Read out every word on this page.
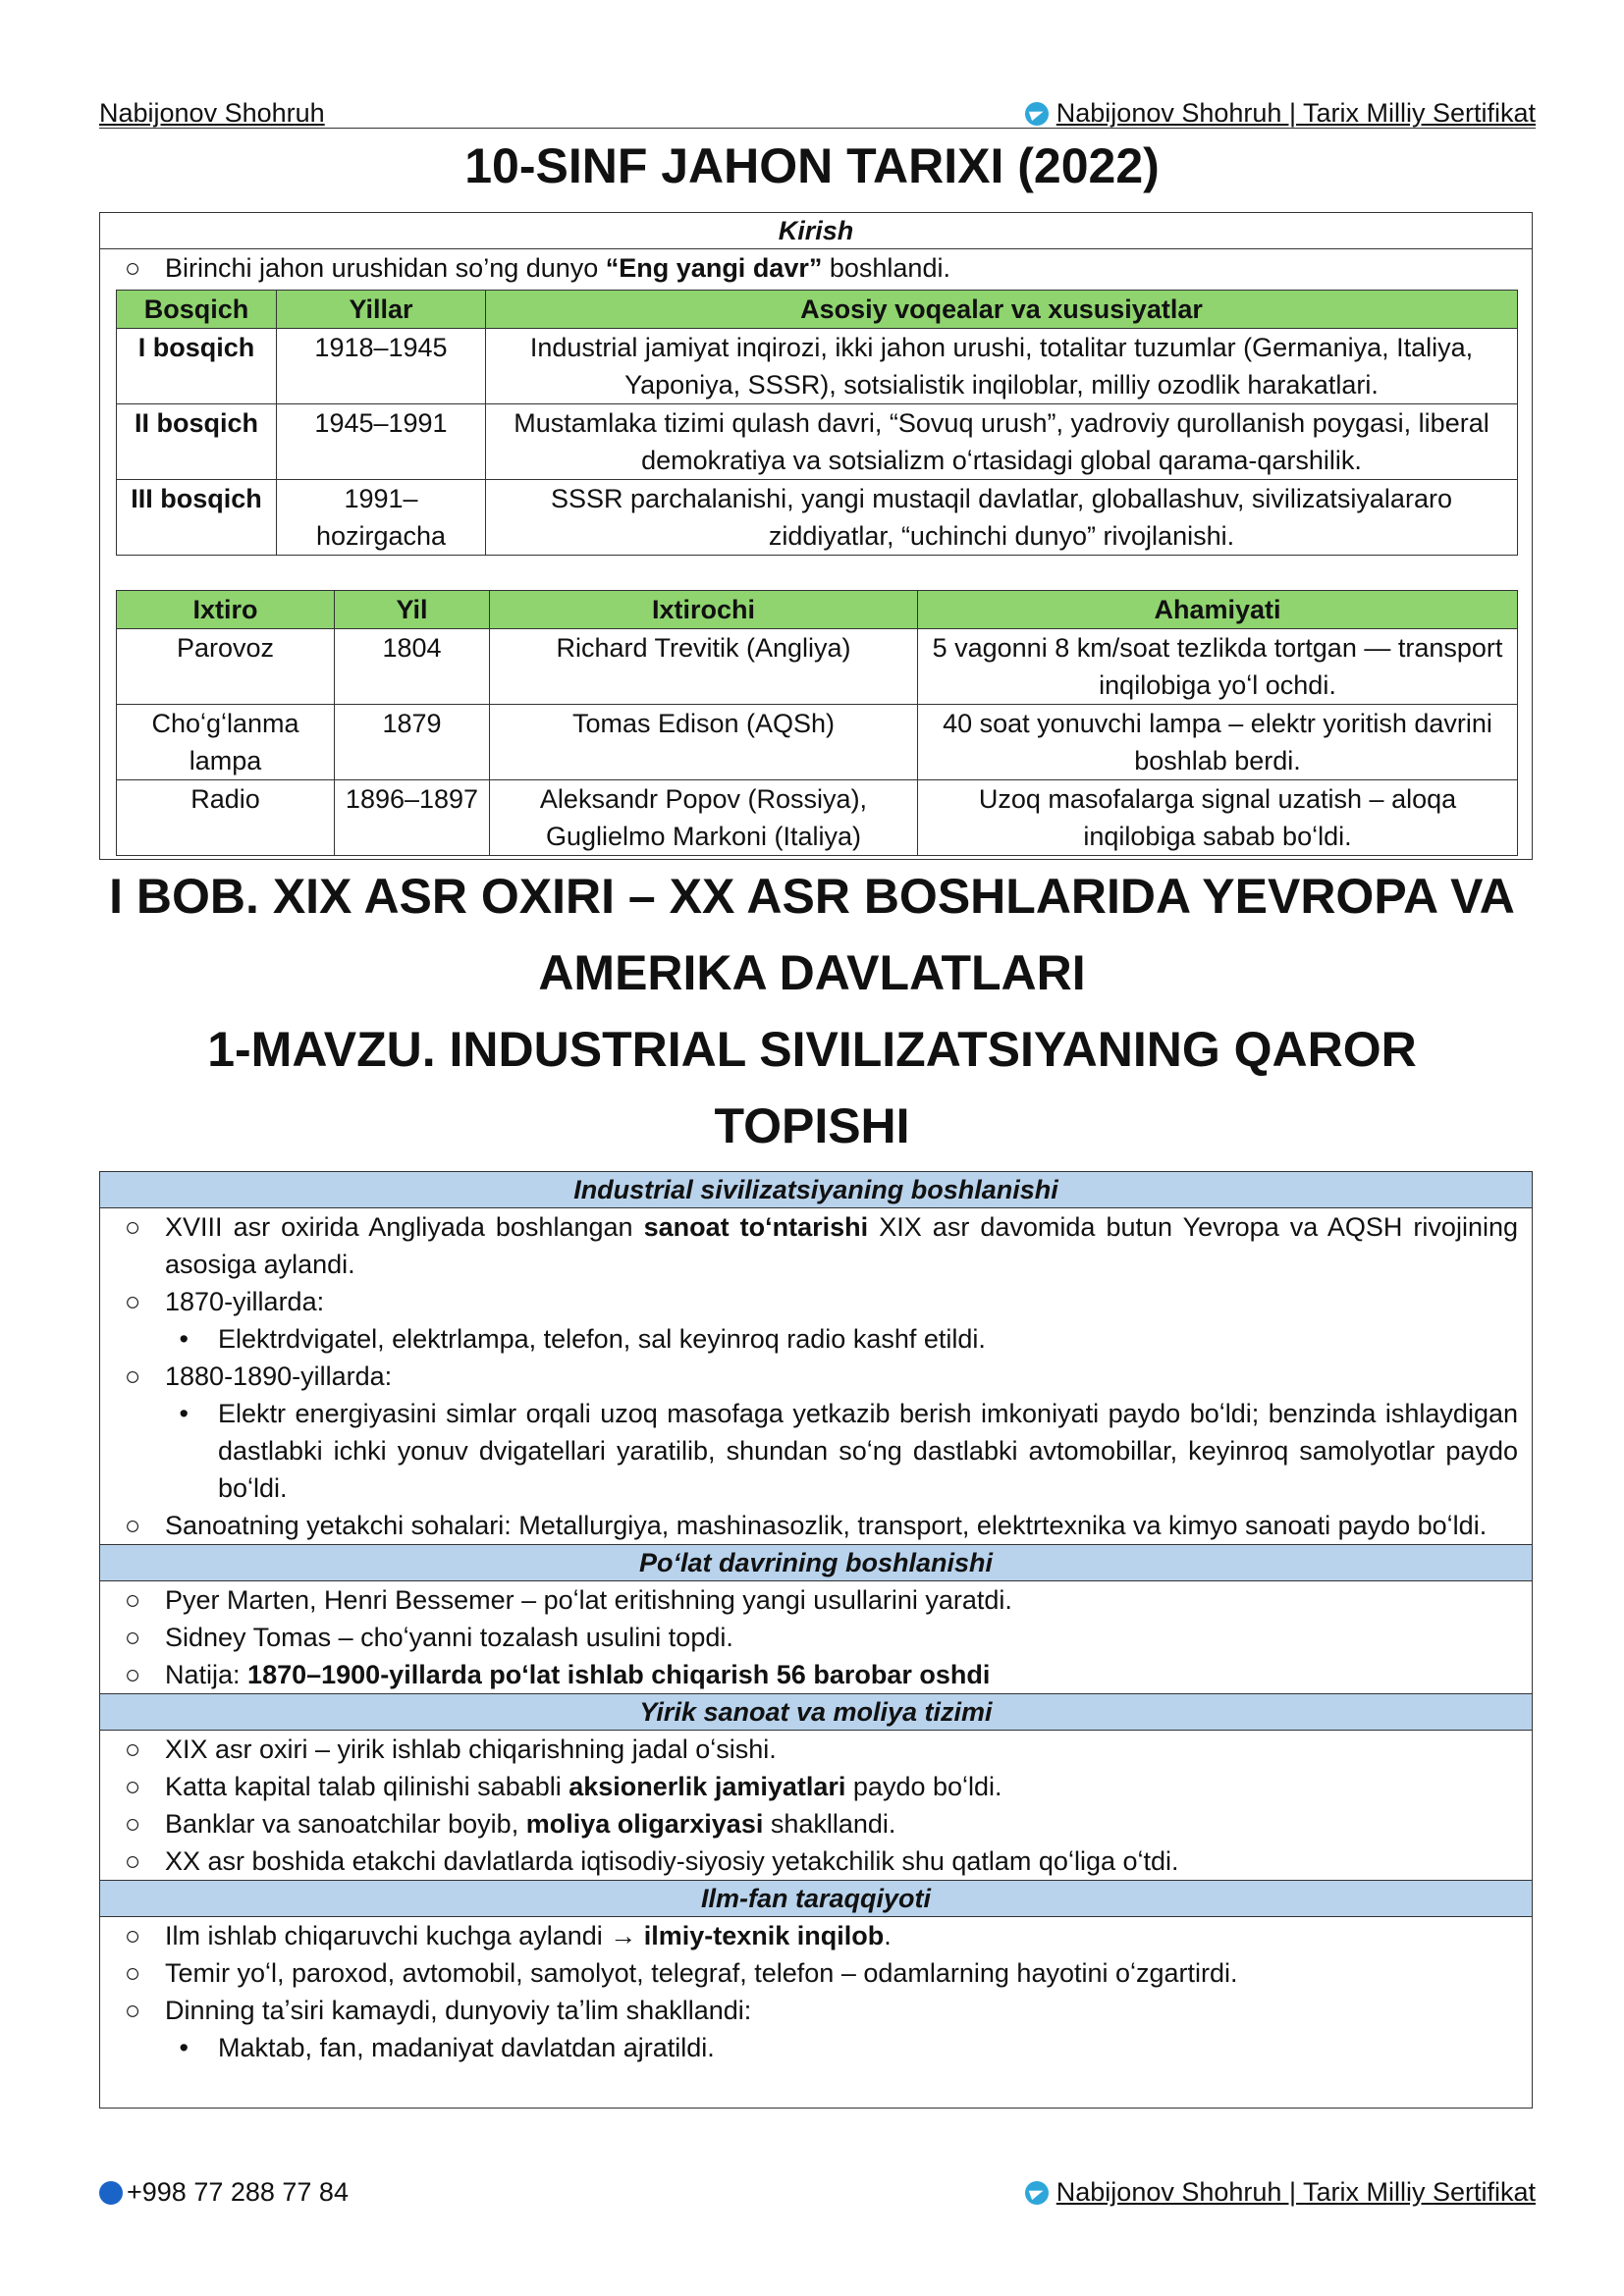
Nabijonov Shohruh	Nabijonov Shohruh | Tarix Milliy Sertifikat
10-SINF JAHON TARIXI (2022)
Kirish
○ Birinchi jahon urushidan so’ng dunyo “Eng yangi davr” boshlandi.
Bosqich	Yillar	Asosiy voqealar va xususiyatlar
I bosqich	1918–1945	Industrial jamiyat inqirozi, ikki jahon urushi, totalitar tuzumlar (Germaniya, Italiya, Yaponiya, SSSR), sotsialistik inqiloblar, milliy ozodlik harakatlari.
II bosqich	1945–1991	Mustamlaka tizimi qulash davri, “Sovuq urush”, yadroviy qurollanish poygasi, liberal demokratiya va sotsializm oʻrtasidagi global qarama-qarshilik.
III bosqich	1991–hozirgacha	SSSR parchalanishi, yangi mustaqil davlatlar, globallashuv, sivilizatsiyalararo ziddiyatlar, “uchinchi dunyo” rivojlanishi.
Ixtiro	Yil	Ixtirochi	Ahamiyati
Parovoz	1804	Richard Trevitik (Angliya)	5 vagonni 8 km/soat tezlikda tortgan — transport inqilobiga yoʻl ochdi.
Choʻgʻlanma lampa	1879	Tomas Edison (AQSh)	40 soat yonuvchi lampa – elektr yoritish davrini boshlab berdi.
Radio	1896–1897	Aleksandr Popov (Rossiya), Guglielmo Markoni (Italiya)	Uzoq masofalarga signal uzatish – aloqa inqilobiga sabab boʻldi.
I BOB. XIX ASR OXIRI – XX ASR BOSHLARIDA YEVROPA VA
AMERIKA DAVLATLARI
1-MAVZU. INDUSTRIAL SIVILIZATSIYANING QAROR
TOPISHI
Industrial sivilizatsiyaning boshlanishi
○ XVIII asr oxirida Angliyada boshlangan sanoat toʻntarishi XIX asr davomida butun Yevropa va AQSH rivojining asosiga aylandi.
○ 1870-yillarda:
•	Elektrdvigatel, elektrlampa, telefon, sal keyinroq radio kashf etildi.
○ 1880-1890-yillarda:
•	Elektr energiyasini simlar orqali uzoq masofaga yetkazib berish imkoniyati paydo boʻldi; benzinda ishlaydigan dastlabki ichki yonuv dvigatellari yaratilib, shundan soʻng dastlabki avtomobillar, keyinroq samolyotlar paydo boʻldi.
○ Sanoatning yetakchi sohalari: Metallurgiya, mashinasozlik, transport, elektrtexnika va kimyo sanoati paydo boʻldi.
Poʻlat davrining boshlanishi
○ Pyer Marten, Henri Bessemer – poʻlat eritishning yangi usullarini yaratdi.
○ Sidney Tomas – choʻyanni tozalash usulini topdi.
○ Natija: 1870–1900-yillarda poʻlat ishlab chiqarish 56 barobar oshdi
Yirik sanoat va moliya tizimi
○ XIX asr oxiri – yirik ishlab chiqarishning jadal oʻsishi.
○ Katta kapital talab qilinishi sababli aksionerlik jamiyatlari paydo boʻldi.
○ Banklar va sanoatchilar boyib, moliya oligarxiyasi shakllandi.
○ XX asr boshida etakchi davlatlarda iqtisodiy-siyosiy yetakchilik shu qatlam qoʻliga oʻtdi.
Ilm-fan taraqqiyoti
○ Ilm ishlab chiqaruvchi kuchga aylandi → ilmiy-texnik inqilob.
○ Temir yoʻl, paroxod, avtomobil, samolyot, telegraf, telefon – odamlarning hayotini oʻzgartirdi.
○ Dinning taʼsiri kamaydi, dunyoviy taʼlim shakllandi:
•	Maktab, fan, madaniyat davlatdan ajratildi.
+998 77 288 77 84	Nabijonov Shohruh | Tarix Milliy Sertifikat
